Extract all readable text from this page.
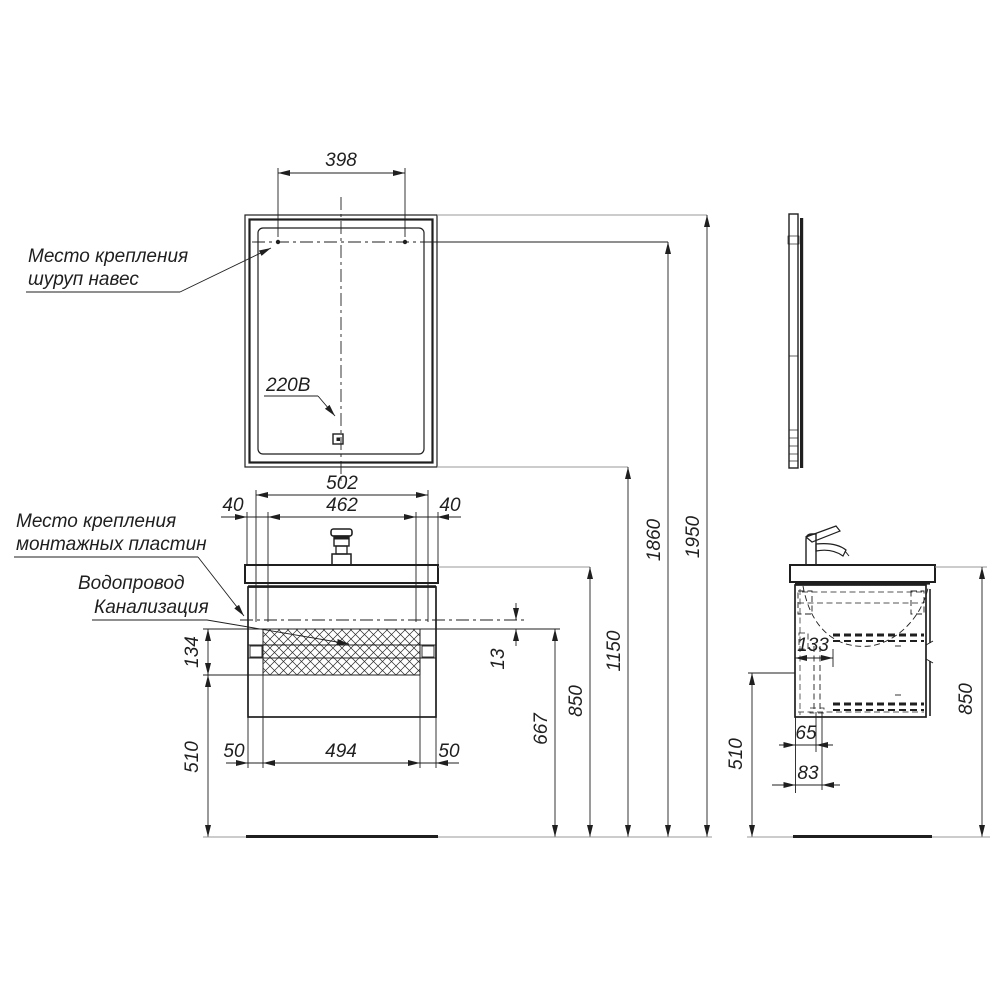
398
220В
502
40	462	40
50	494	50
134
510
13
667
850
1150
1860 1950
Место крепления
шуруп навес
Место крепления
монтажных пластин
Водопровод
Канализация
133
65
83
510
850
